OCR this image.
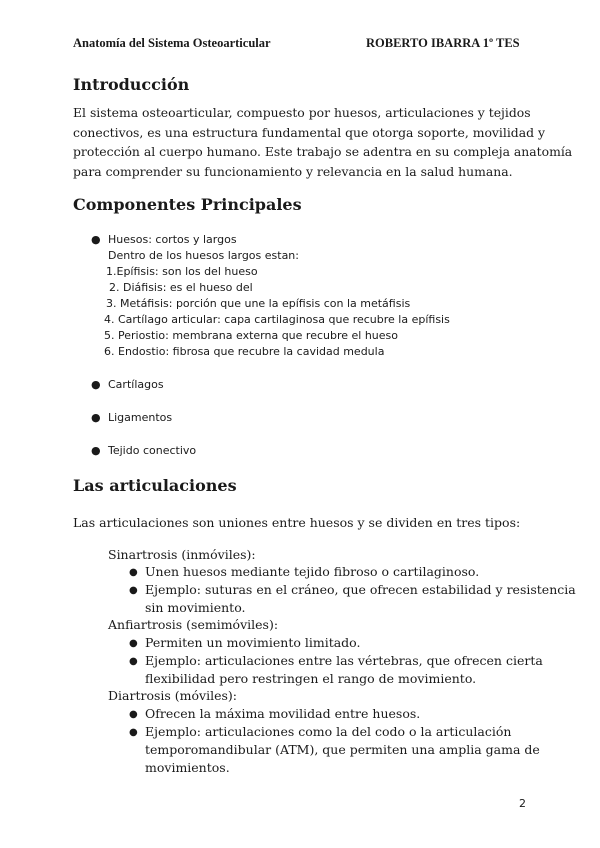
Anatomía del Sistema Osteoarticular	ROBERTO IBARRA 1º TES
Introducción
El sistema osteoarticular, compuesto por huesos, articulaciones y tejidos
conectivos, es una estructura fundamental que otorga soporte, movilidad y
protección al cuerpo humano. Este trabajo se adentra en su compleja anatomía
para comprender su funcionamiento y relevancia en la salud humana.
Componentes Principales
● Huesos: cortos y largos
Dentro de los huesos largos estan:
1.Epífisis: son los del hueso
2. Diáfisis: es el hueso del
3. Metáfisis: porción que une la epífisis con la metáfisis
4. Cartílago articular: capa cartilaginosa que recubre la epífisis
5. Periostio: membrana externa que recubre el hueso
6. Endostio: fibrosa que recubre la cavidad medula
● Cartílagos
● Ligamentos
● Tejido conectivo
Las articulaciones
Las articulaciones son uniones entre huesos y se dividen en tres tipos:
Sinartrosis (inmóviles):
● Unen huesos mediante tejido fibroso o cartilaginoso.
● Ejemplo: suturas en el cráneo, que ofrecen estabilidad y resistencia
sin movimiento.
Anfiartrosis (semimóviles):
● Permiten un movimiento limitado.
● Ejemplo: articulaciones entre las vértebras, que ofrecen cierta
flexibilidad pero restringen el rango de movimiento.
Diartrosis (móviles):
● Ofrecen la máxima movilidad entre huesos.
● Ejemplo: articulaciones como la del codo o la articulación
temporomandibular (ATM), que permiten una amplia gama de
movimientos.
2
